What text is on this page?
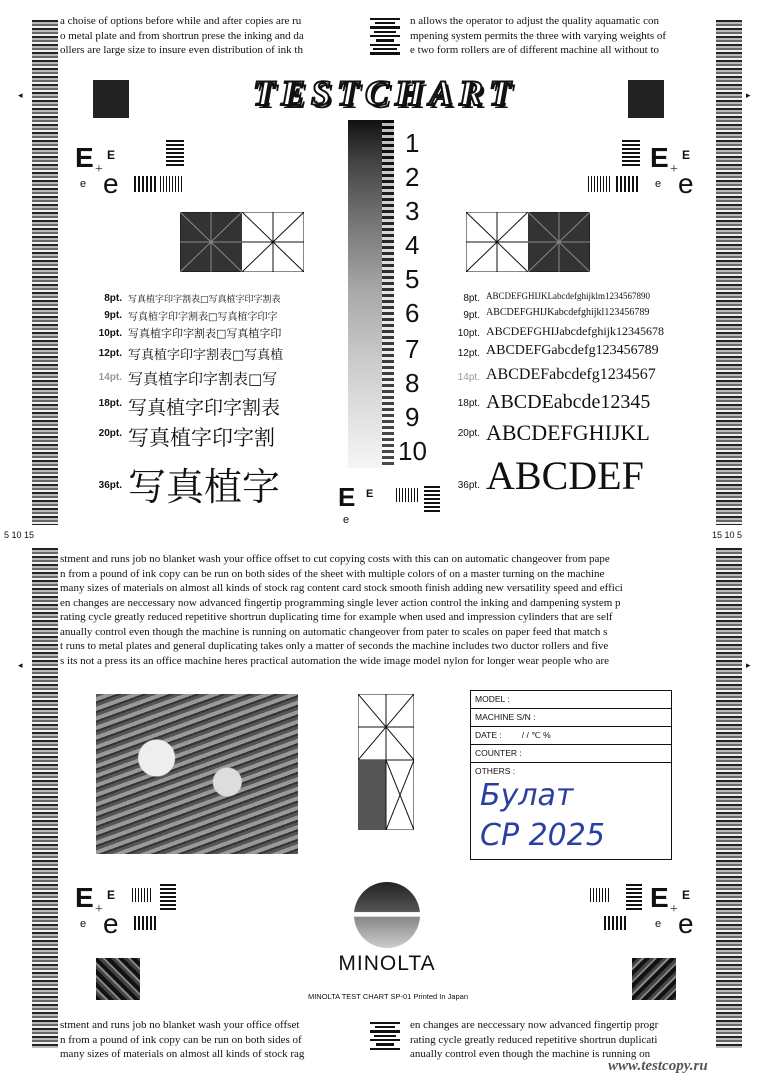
◂	▸
◂	▸
a choise of options before while and after copies are ru
o metal plate and from shortrun prese the inking and da
ollers are large size to insure even distribution of ink th
n allows the operator to adjust the quality aquamatic con
mpening system permits the three with varying weights of
e two form rollers are of different machine all without to
TESTCHART
E E
+
e e
E E
+
e e
1
2
3
4
5
6
7
8
9
10
8pt. 写真植字印字割表□写真植字印字割表
9pt. 写真植字印字割表□写真植字印字
10pt. 写真植字印字割表□写真植字印
12pt. 写真植字印字割表□写真植
14pt. 写真植字印字割表□写
18pt. 写真植字印字割表
20pt. 写真植字印字割
36pt. 写真植字
8pt. ABCDEFGHIJKLabcdefghijklm1234567890
9pt. ABCDEFGHIJKabcdefghijkl123456789
10pt. ABCDEFGHIJabcdefghijk12345678
12pt. ABCDEFGabcdefg123456789
14pt. ABCDEFabcdefg1234567
18pt. ABCDEabcde12345
20pt. ABCDEFGHIJKL
36pt. ABCDEF
E E
e
5 10 15	15 10 5
stment and runs job no blanket wash your office offset to cut copying costs with this can on automatic changeover from pape
n from a pound of ink copy can be run on both sides of the sheet with multiple colors of on a master turning on the machine
many sizes of materials on almost all kinds of stock rag content card stock smooth finish adding new versatility speed and effici
en changes are neccessary now advanced fingertip programming single lever action control the inking and dampening system p
rating cycle greatly reduced repetitive shortrun duplicating time for example when used and impression cylinders that are self
anually control even though the machine is running on automatic changeover from pater to scales on paper feed that match s
t runs to metal plates and general duplicating takes only a matter of seconds the machine includes two ductor rollers and five
s its not a press its an office machine heres practical automation the wide image model nylon for longer wear people who are
MODEL :
MACHINE S/N :
DATE : / / ℃ %
COUNTER :
OTHERS :
Булат
СР 2025
E E
+
e e
E E
+
e e
MINOLTA
MINOLTA TEST CHART SP-01 Printed In Japan
stment and runs job no blanket wash your office offset
n from a pound of ink copy can be run on both sides of
many sizes of materials on almost all kinds of stock rag
en changes are neccessary now advanced fingertip progr
rating cycle greatly reduced repetitive shortrun duplicati
anually control even though the machine is running on
www.testcopy.ru
